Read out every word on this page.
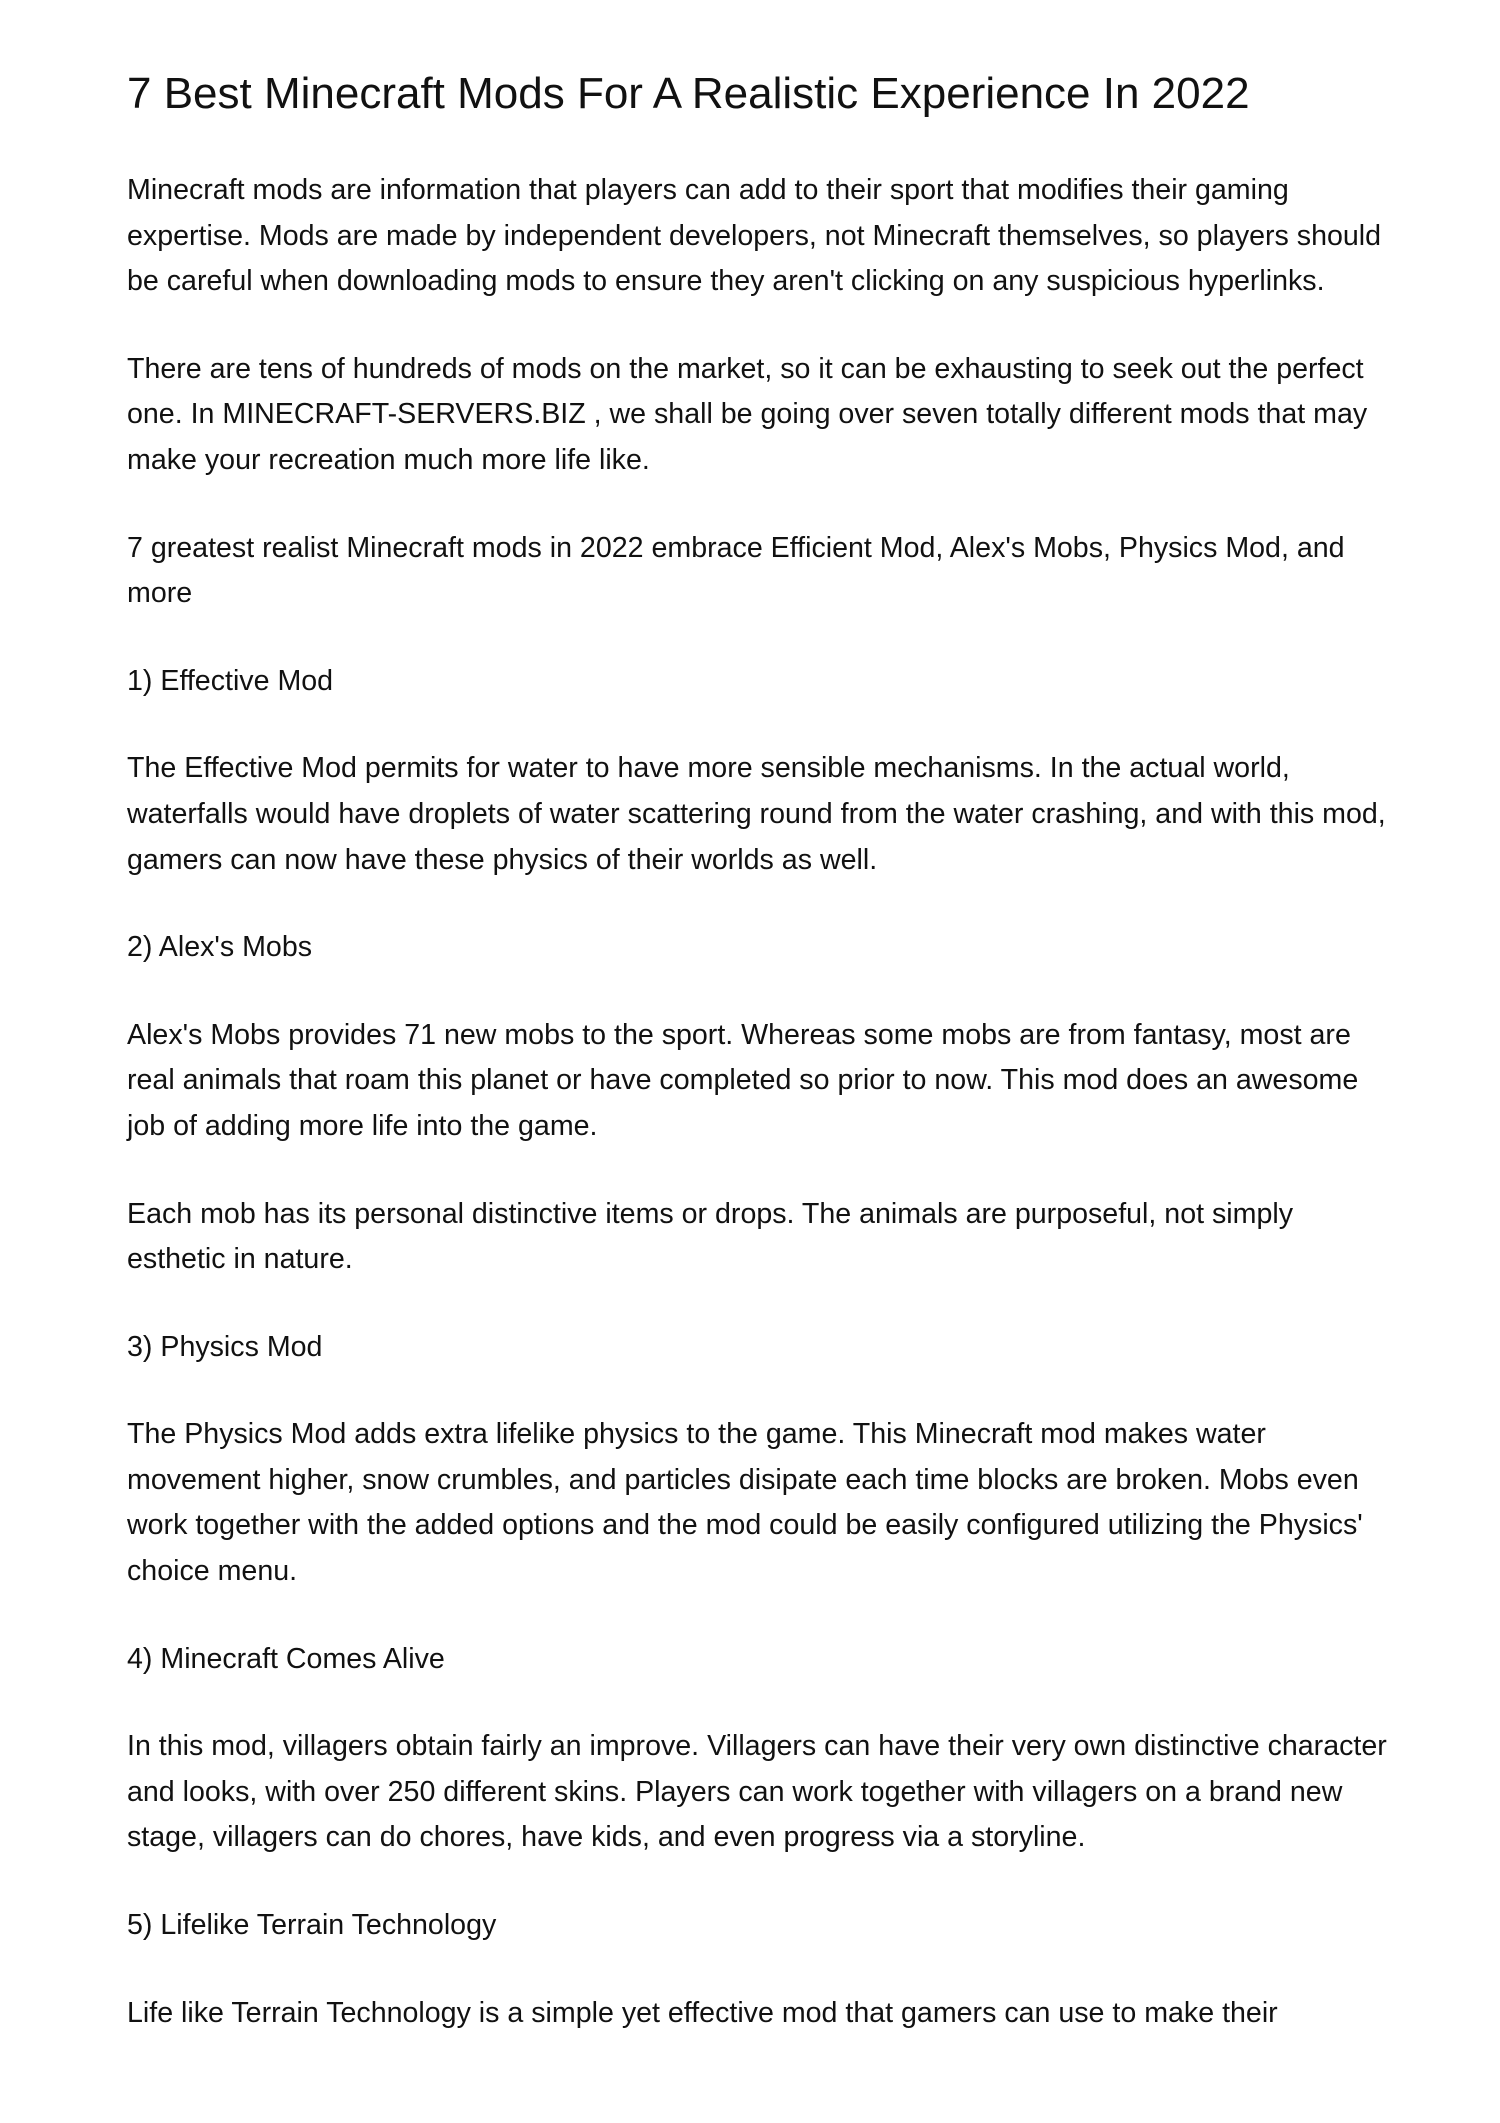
7 Best Minecraft Mods For A Realistic Experience In 2022

Minecraft mods are information that players can add to their sport that modifies their gaming expertise. Mods are made by independent developers, not Minecraft themselves, so players should be careful when downloading mods to ensure they aren't clicking on any suspicious hyperlinks.

There are tens of hundreds of mods on the market, so it can be exhausting to seek out the perfect one. In MINECRAFT-SERVERS.BIZ , we shall be going over seven totally different mods that may make your recreation much more life like.

7 greatest realist Minecraft mods in 2022 embrace Efficient Mod, Alex's Mobs, Physics Mod, and more

1) Effective Mod

The Effective Mod permits for water to have more sensible mechanisms. In the actual world, waterfalls would have droplets of water scattering round from the water crashing, and with this mod, gamers can now have these physics of their worlds as well.

2) Alex's Mobs

Alex's Mobs provides 71 new mobs to the sport. Whereas some mobs are from fantasy, most are real animals that roam this planet or have completed so prior to now. This mod does an awesome job of adding more life into the game.

Each mob has its personal distinctive items or drops. The animals are purposeful, not simply esthetic in nature.

3) Physics Mod

The Physics Mod adds extra lifelike physics to the game. This Minecraft mod makes water movement higher, snow crumbles, and particles disipate each time blocks are broken. Mobs even work together with the added options and the mod could be easily configured utilizing the Physics' choice menu.

4) Minecraft Comes Alive

In this mod, villagers obtain fairly an improve. Villagers can have their very own distinctive character and looks, with over 250 different skins. Players can work together with villagers on a brand new stage, villagers can do chores, have kids, and even progress via a storyline.

5) Lifelike Terrain Technology

Life like Terrain Technology is a simple yet effective mod that gamers can use to make their
